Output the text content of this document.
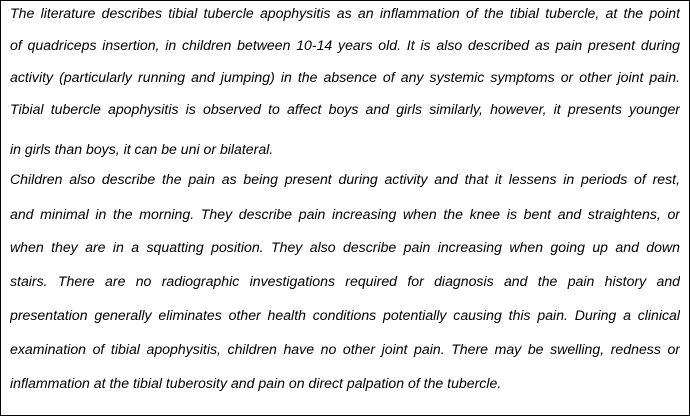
The literature describes tibial tubercle apophysitis as an inflammation of the tibial tubercle, at the point

of quadriceps insertion, in children between 10-14 years old. It is also described as pain present during

activity (particularly running and jumping) in the absence of any systemic symptoms or other joint pain.

Tibial tubercle apophysitis is observed to affect boys and girls similarly, however, it presents younger

in girls than boys, it can be uni or bilateral.

Children also describe the pain as being present during activity and that it lessens in periods of rest,

and minimal in the morning. They describe pain increasing when the knee is bent and straightens, or

when they are in a squatting position. They also describe pain increasing when going up and down

stairs. There are no radiographic investigations required for diagnosis and the pain history and

presentation generally eliminates other health conditions potentially causing this pain. During a clinical

examination of tibial apophysitis, children have no other joint pain. There may be swelling, redness or

inflammation at the tibial tuberosity and pain on direct palpation of the tubercle.
